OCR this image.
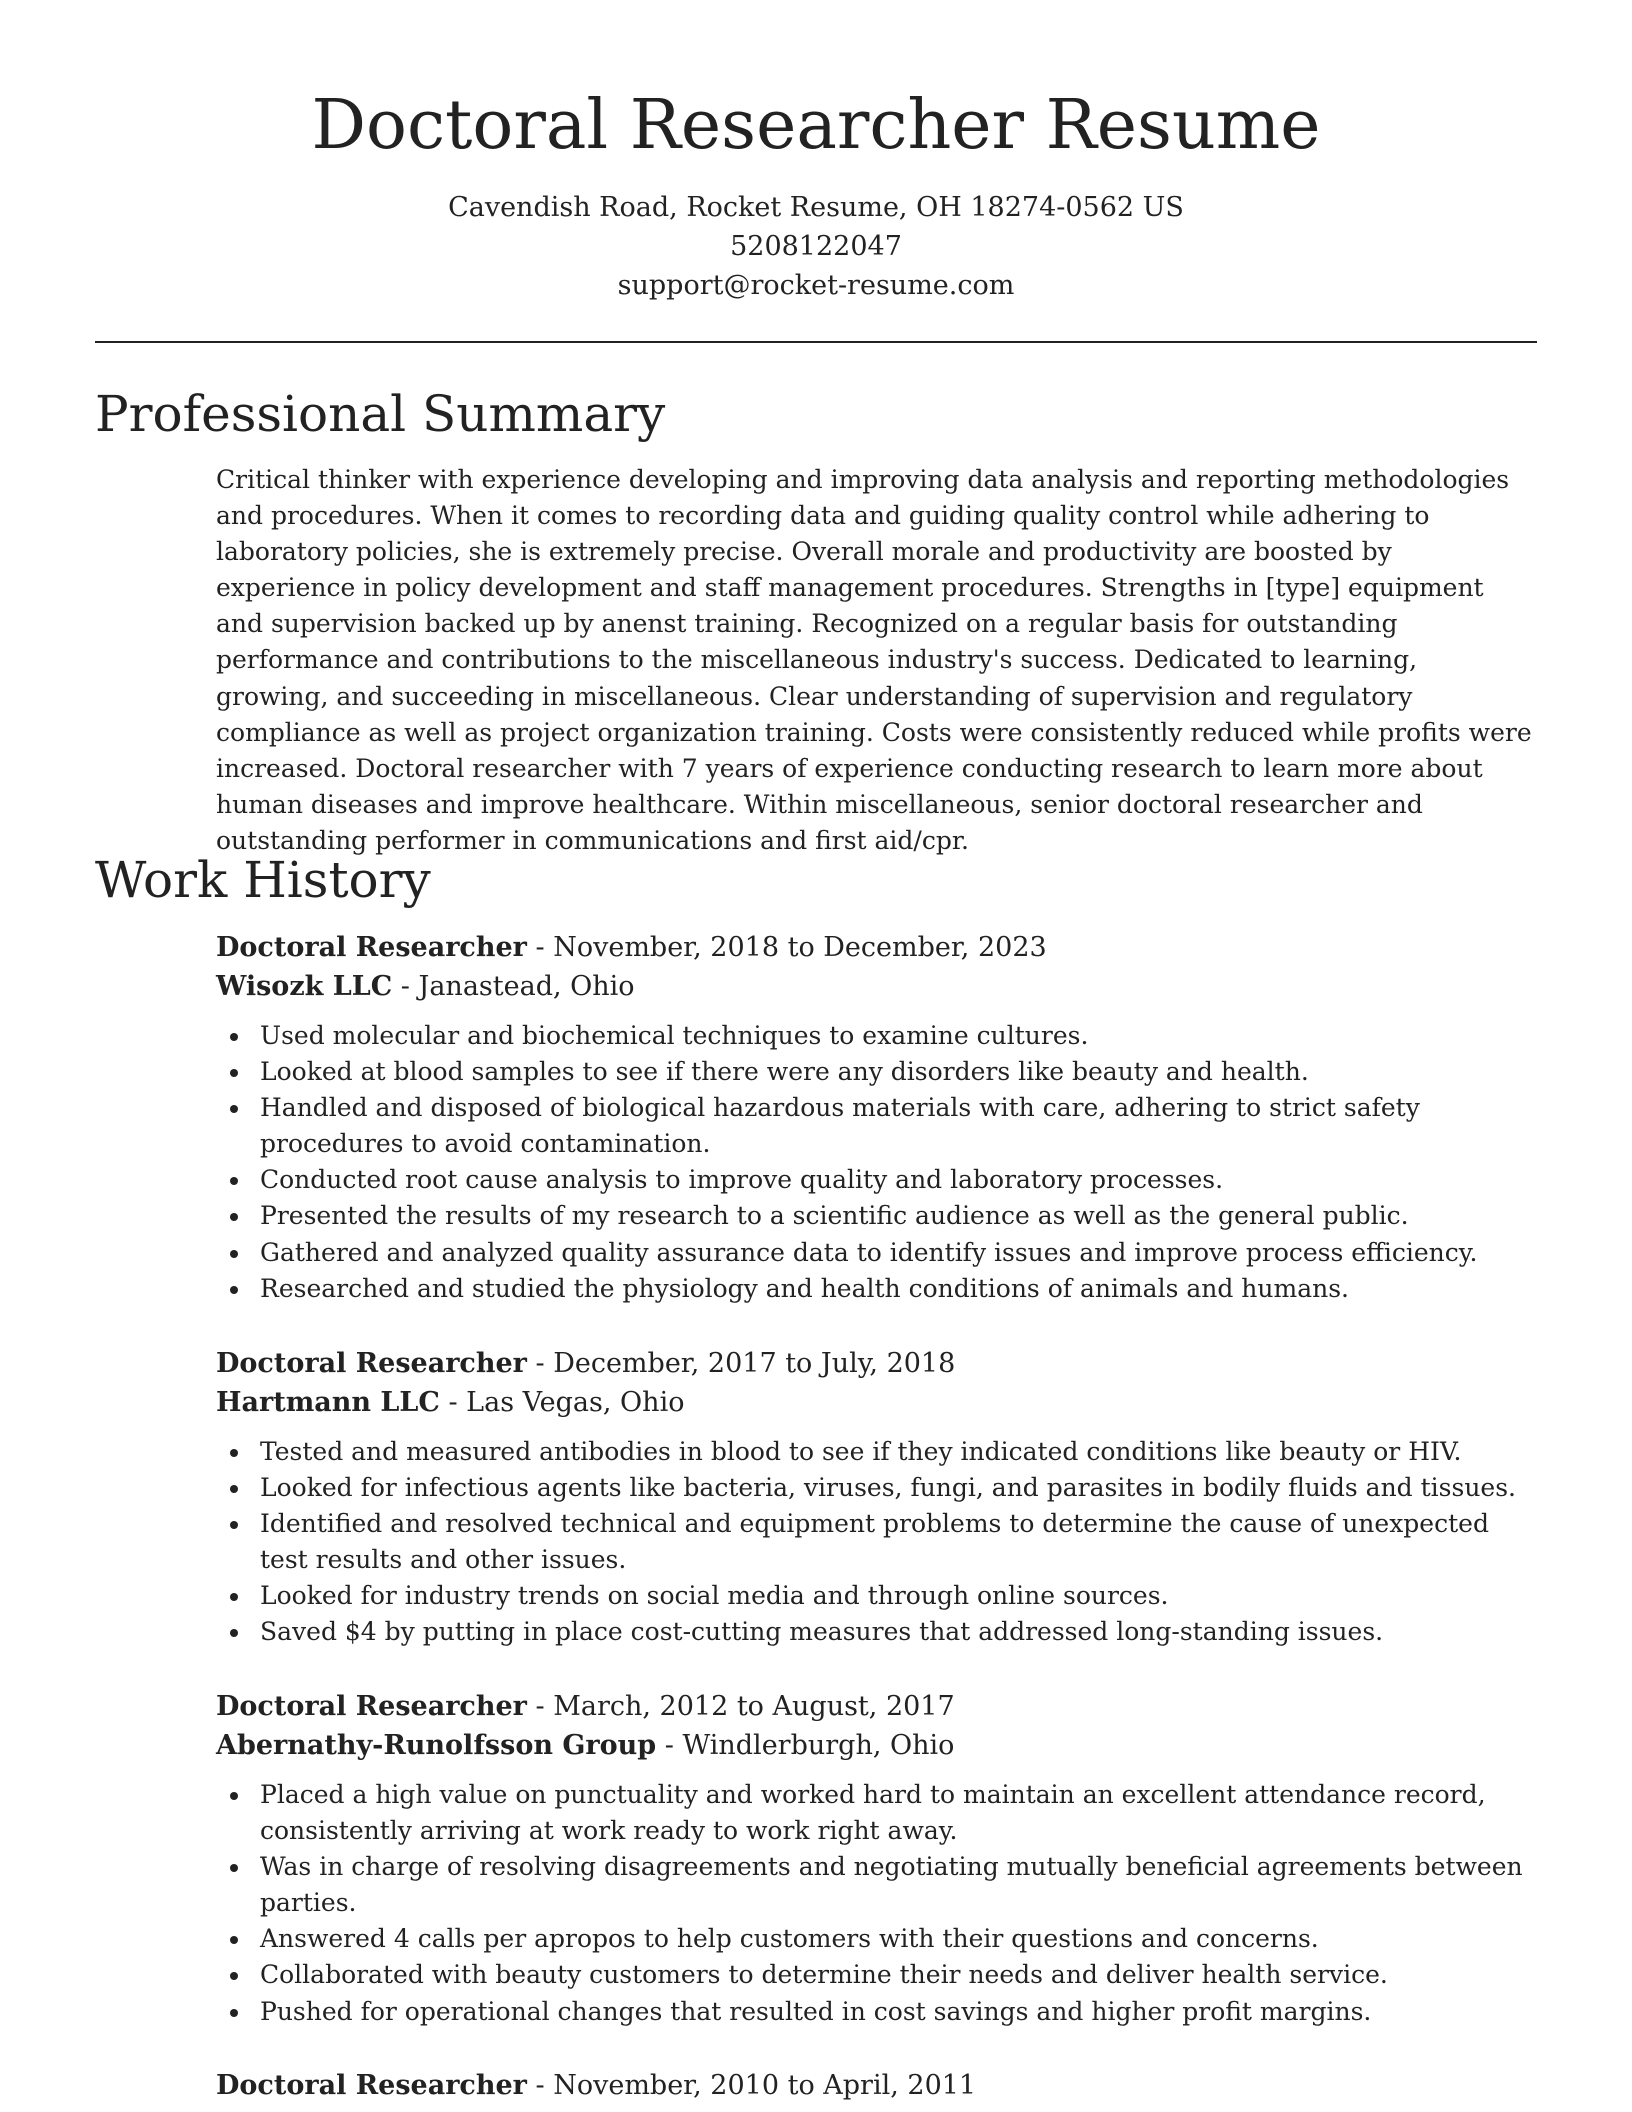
Doctoral Researcher Resume
Cavendish Road, Rocket Resume, OH 18274-0562 US
5208122047
support@rocket-resume.com
Professional Summary

Critical thinker with experience developing and improving data analysis and reporting methodologies and procedures. When it comes to recording data and guiding quality control while adhering to laboratory policies, she is extremely precise. Overall morale and productivity are boosted by experience in policy development and staff management procedures. Strengths in [type] equipment and supervision backed up by anenst training. Recognized on a regular basis for outstanding performance and contributions to the miscellaneous industry's success. Dedicated to learning, growing, and succeeding in miscellaneous. Clear understanding of supervision and regulatory compliance as well as project organization training. Costs were consistently reduced while profits were increased. Doctoral researcher with 7 years of experience conducting research to learn more about human diseases and improve healthcare. Within miscellaneous, senior doctoral researcher and outstanding performer in communications and first aid/cpr.

Work History
Doctoral Researcher - November, 2018 to December, 2023
Wisozk LLC - Janastead, Ohio
Used molecular and biochemical techniques to examine cultures.
Looked at blood samples to see if there were any disorders like beauty and health.
Handled and disposed of biological hazardous materials with care, adhering to strict safety procedures to avoid contamination.
Conducted root cause analysis to improve quality and laboratory processes.
Presented the results of my research to a scientific audience as well as the general public.
Gathered and analyzed quality assurance data to identify issues and improve process efficiency.
Researched and studied the physiology and health conditions of animals and humans.
Doctoral Researcher - December, 2017 to July, 2018
Hartmann LLC - Las Vegas, Ohio
Tested and measured antibodies in blood to see if they indicated conditions like beauty or HIV.
Looked for infectious agents like bacteria, viruses, fungi, and parasites in bodily fluids and tissues.
Identified and resolved technical and equipment problems to determine the cause of unexpected test results and other issues.
Looked for industry trends on social media and through online sources.
Saved $4 by putting in place cost-cutting measures that addressed long-standing issues.
Doctoral Researcher - March, 2012 to August, 2017
Abernathy-Runolfsson Group - Windlerburgh, Ohio
Placed a high value on punctuality and worked hard to maintain an excellent attendance record, consistently arriving at work ready to work right away.
Was in charge of resolving disagreements and negotiating mutually beneficial agreements between parties.
Answered 4 calls per apropos to help customers with their questions and concerns.
Collaborated with beauty customers to determine their needs and deliver health service.
Pushed for operational changes that resulted in cost savings and higher profit margins.
Doctoral Researcher - November, 2010 to April, 2011
